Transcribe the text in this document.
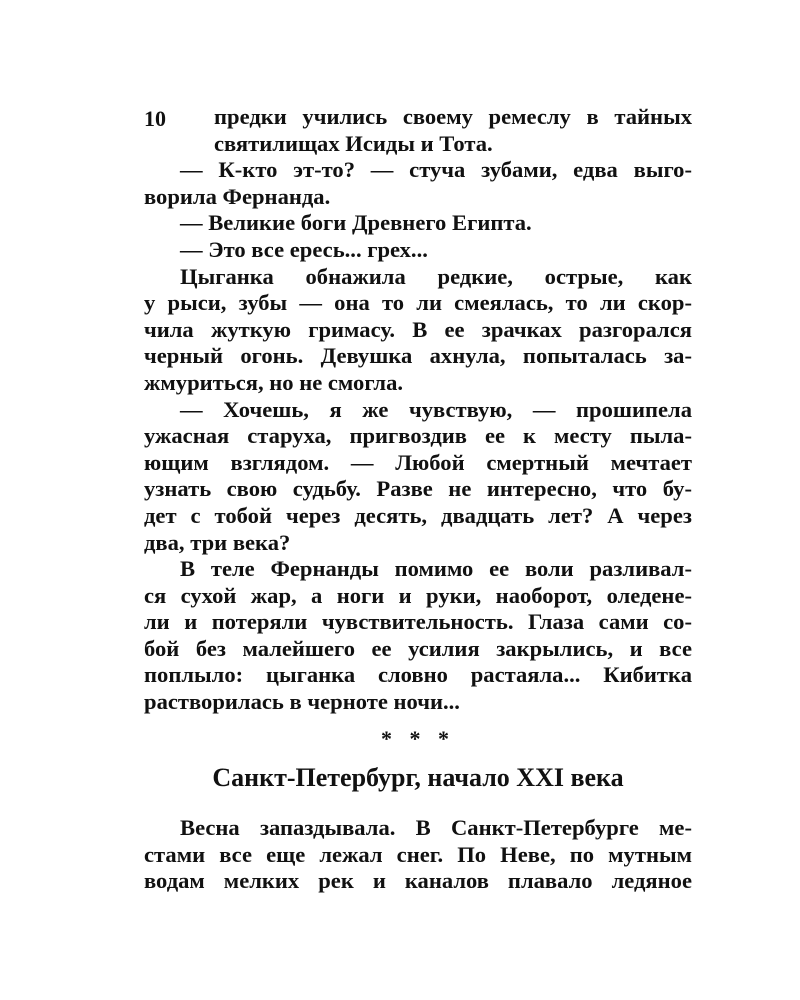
10	предки учились своему ремеслу в тайных
святилищах Исиды и Тота.
— К-кто эт-то? — стуча зубами, едва выго-
ворила Фернанда.
— Великие боги Древнего Египта.
— Это все ересь... грех...
Цыганка обнажила редкие, острые, как
у рыси, зубы — она то ли смеялась, то ли скор-
чила жуткую гримасу. В ее зрачках разгорался
черный огонь. Девушка ахнула, попыталась за-
жмуриться, но не смогла.
— Хочешь, я же чувствую, — прошипела
ужасная старуха, пригвоздив ее к месту пыла-
ющим взглядом. — Любой смертный мечтает
узнать свою судьбу. Разве не интересно, что бу-
дет с тобой через десять, двадцать лет? А через
два, три века?
В теле Фернанды помимо ее воли разливал-
ся сухой жар, а ноги и руки, наоборот, оледене-
ли и потеряли чувствительность. Глаза сами со-
бой без малейшего ее усилия закрылись, и все
поплыло: цыганка словно растаяла... Кибитка
растворилась в черноте ночи...
* * *
Санкт-Петербург, начало XXI века
Весна запаздывала. В Санкт-Петербурге ме-
стами все еще лежал снег. По Неве, по мутным
водам мелких рек и каналов плавало ледяное
